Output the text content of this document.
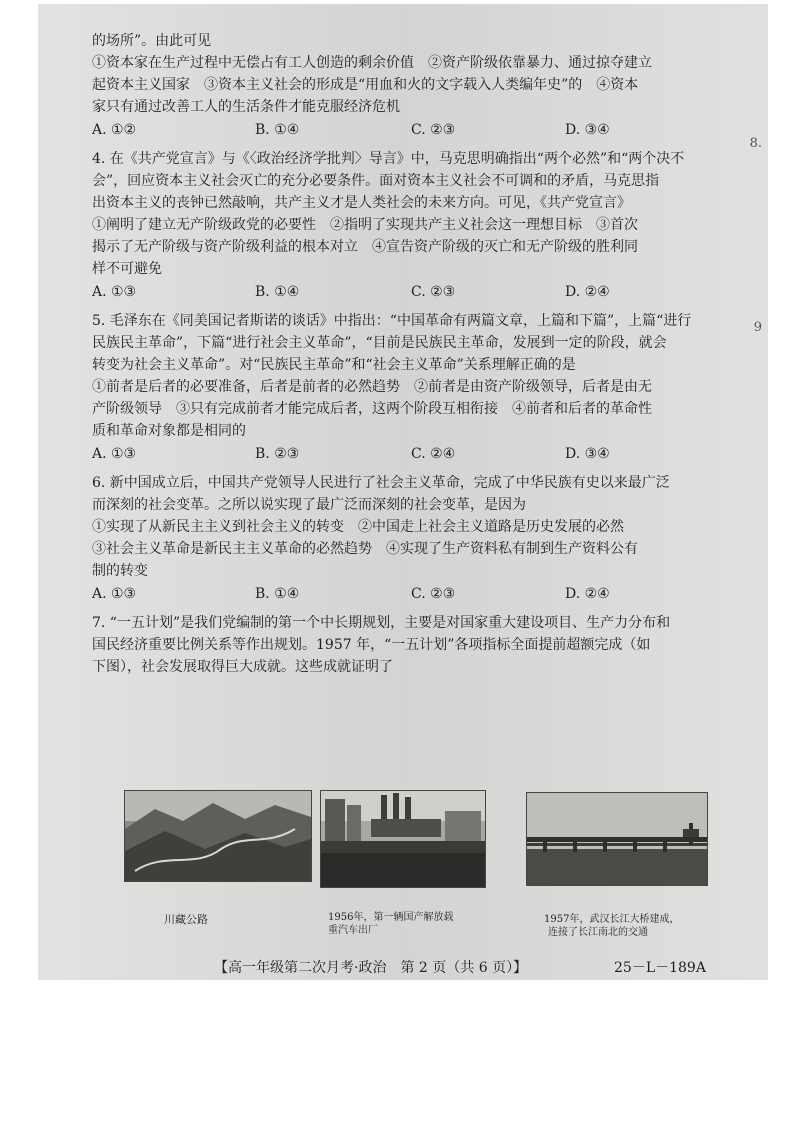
8.
9
的场所”。由此可见
①资本家在生产过程中无偿占有工人创造的剩余价值　②资产阶级依靠暴力、通过掠夺建立
起资本主义国家　③资本主义社会的形成是“用血和火的文字载入人类编年史”的　④资本
家只有通过改善工人的生活条件才能克服经济危机
A. ①②	B. ①④	C. ②③	D. ③④
4. 在《共产党宣言》与《〈政治经济学批判〉导言》中，马克思明确指出“两个必然”和“两个决不
会”，回应资本主义社会灭亡的充分必要条件。面对资本主义社会不可调和的矛盾，马克思指
出资本主义的丧钟已然敲响，共产主义才是人类社会的未来方向。可见，《共产党宣言》
①阐明了建立无产阶级政党的必要性　②指明了实现共产主义社会这一理想目标　③首次
揭示了无产阶级与资产阶级利益的根本对立　④宣告资产阶级的灭亡和无产阶级的胜利同
样不可避免
A. ①③	B. ①④	C. ②③	D. ②④
5. 毛泽东在《同美国记者斯诺的谈话》中指出：“中国革命有两篇文章，上篇和下篇”，上篇“进行
民族民主革命”，下篇“进行社会主义革命”，“目前是民族民主革命，发展到一定的阶段，就会
转变为社会主义革命”。对“民族民主革命”和“社会主义革命”关系理解正确的是
①前者是后者的必要准备，后者是前者的必然趋势　②前者是由资产阶级领导，后者是由无
产阶级领导　③只有完成前者才能完成后者，这两个阶段互相衔接　④前者和后者的革命性
质和革命对象都是相同的
A. ①③	B. ②③	C. ②④	D. ③④
6. 新中国成立后，中国共产党领导人民进行了社会主义革命，完成了中华民族有史以来最广泛
而深刻的社会变革。之所以说实现了最广泛而深刻的社会变革，是因为
①实现了从新民主主义到社会主义的转变　②中国走上社会主义道路是历史发展的必然
③社会主义革命是新民主主义革命的必然趋势　④实现了生产资料私有制到生产资料公有
制的转变
A. ①③	B. ①④	C. ②③	D. ②④
7. “一五计划”是我们党编制的第一个中长期规划，主要是对国家重大建设项目、生产力分布和
国民经济重要比例关系等作出规划。1957 年，“一五计划”各项指标全面提前超额完成（如
下图），社会发展取得巨大成就。这些成就证明了
川藏公路	1956年，第一辆国产解放载
重汽车出厂
1957年，武汉长江大桥建成，
连接了长江南北的交通
【高一年级第二次月考·政治　第 2 页（共 6 页）】	25－L－189A
